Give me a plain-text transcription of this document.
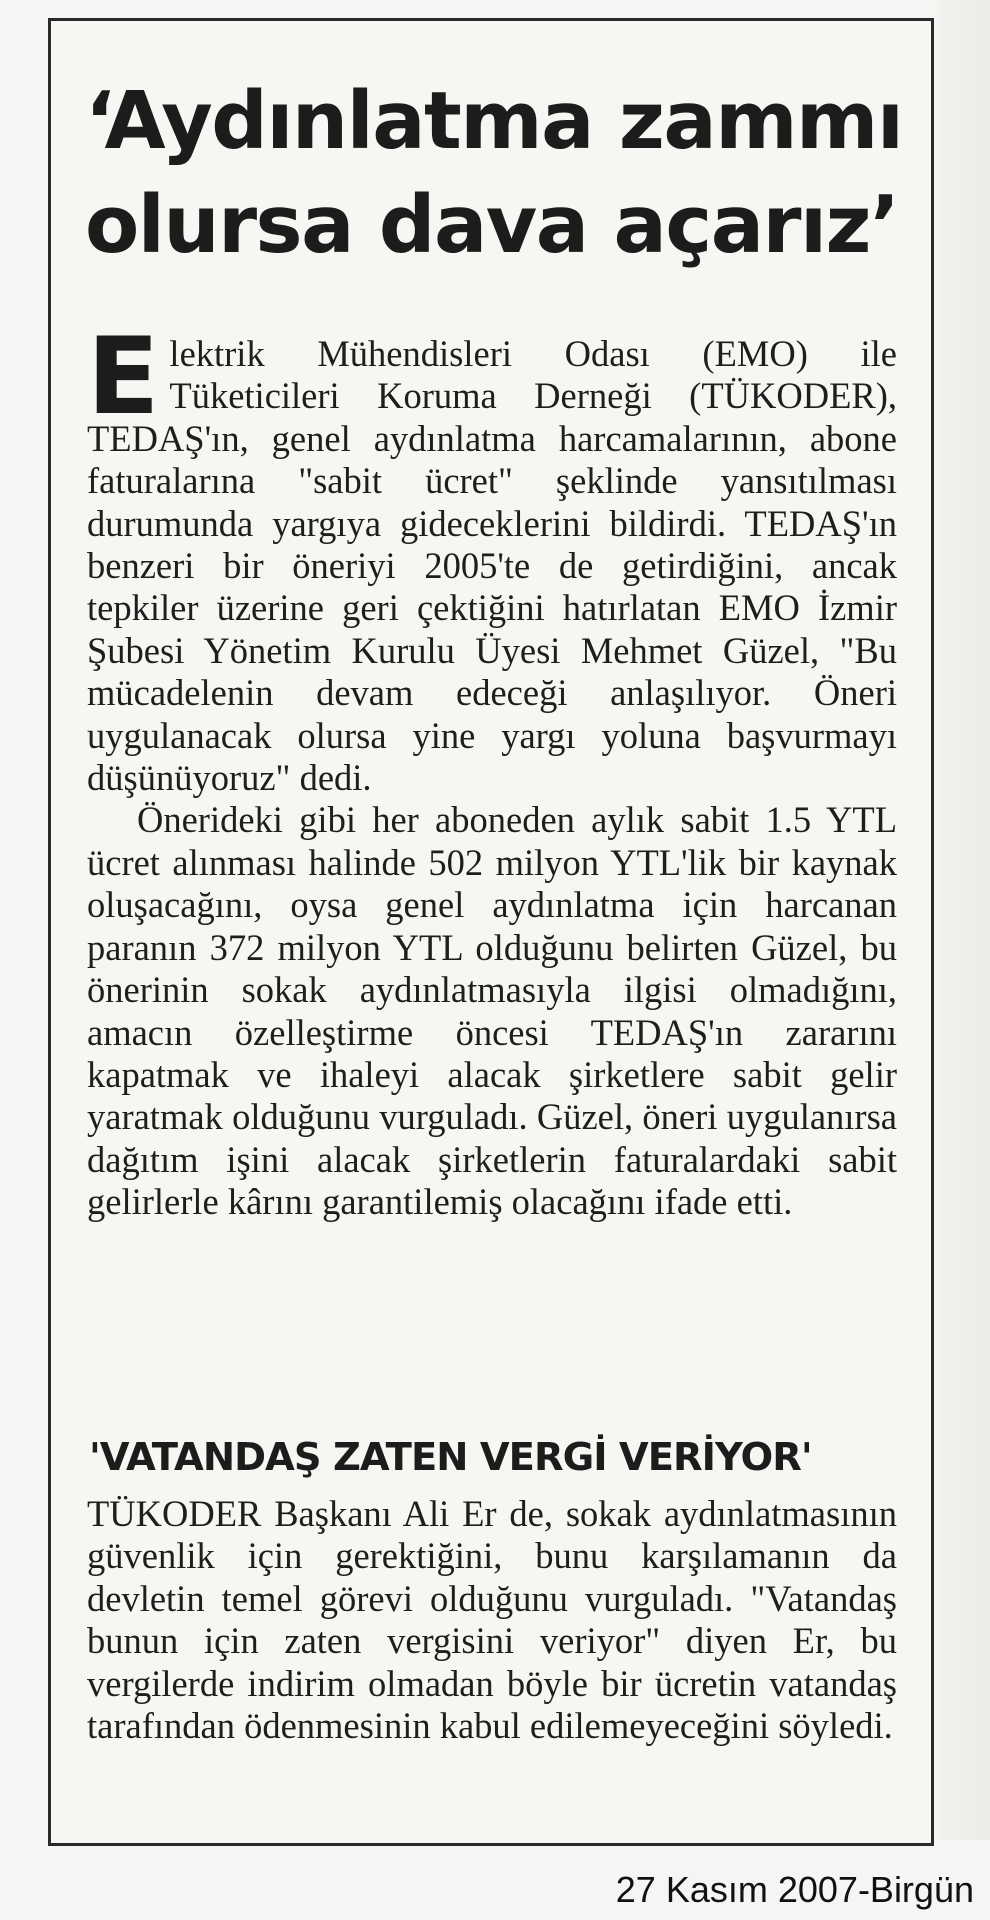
‘Aydınlatma zammı
olursa dava açarız’

Elektrik Mühendisleri Odası (EMO) ile Tüketicileri Koruma Derneği (TÜKODER), TEDAŞ'ın, genel aydınlatma harcamalarının, abone faturalarına "sabit ücret" şeklinde yansıtılması durumunda yargıya gideceklerini bildirdi. TEDAŞ'ın benzeri bir öneriyi 2005'te de getirdiğini, ancak tepkiler üzerine geri çektiğini hatırlatan EMO İzmir Şubesi Yönetim Kurulu Üyesi Mehmet Güzel, "Bu mücadelenin devam edeceği anlaşılıyor. Öneri uygulanacak olursa yine yargı yoluna başvurmayı düşünüyoruz" dedi.

Önerideki gibi her aboneden aylık sabit 1.5 YTL ücret alınması halinde 502 milyon YTL'lik bir kaynak oluşacağını, oysa genel aydınlatma için harcanan paranın 372 milyon YTL olduğunu belirten Güzel, bu önerinin sokak aydınlatmasıyla ilgisi olmadığını, amacın özelleştirme öncesi TEDAŞ'ın zararını kapatmak ve ihaleyi alacak şirketlere sabit gelir yaratmak olduğunu vurguladı. Güzel, öneri uygulanırsa dağıtım işini alacak şirketlerin faturalardaki sabit gelirlerle kârını garantilemiş olacağını ifade etti.

'VATANDAŞ ZATEN VERGİ VERİYOR'

TÜKODER Başkanı Ali Er de, sokak aydınlatmasının güvenlik için gerektiğini, bunu karşılamanın da devletin temel görevi olduğunu vurguladı. "Vatandaş bunun için zaten vergisini veriyor" diyen Er, bu vergilerde indirim olmadan böyle bir ücretin vatandaş tarafından ödenmesinin kabul edilemeyeceğini söyledi.

27 Kasım 2007-Birgün
